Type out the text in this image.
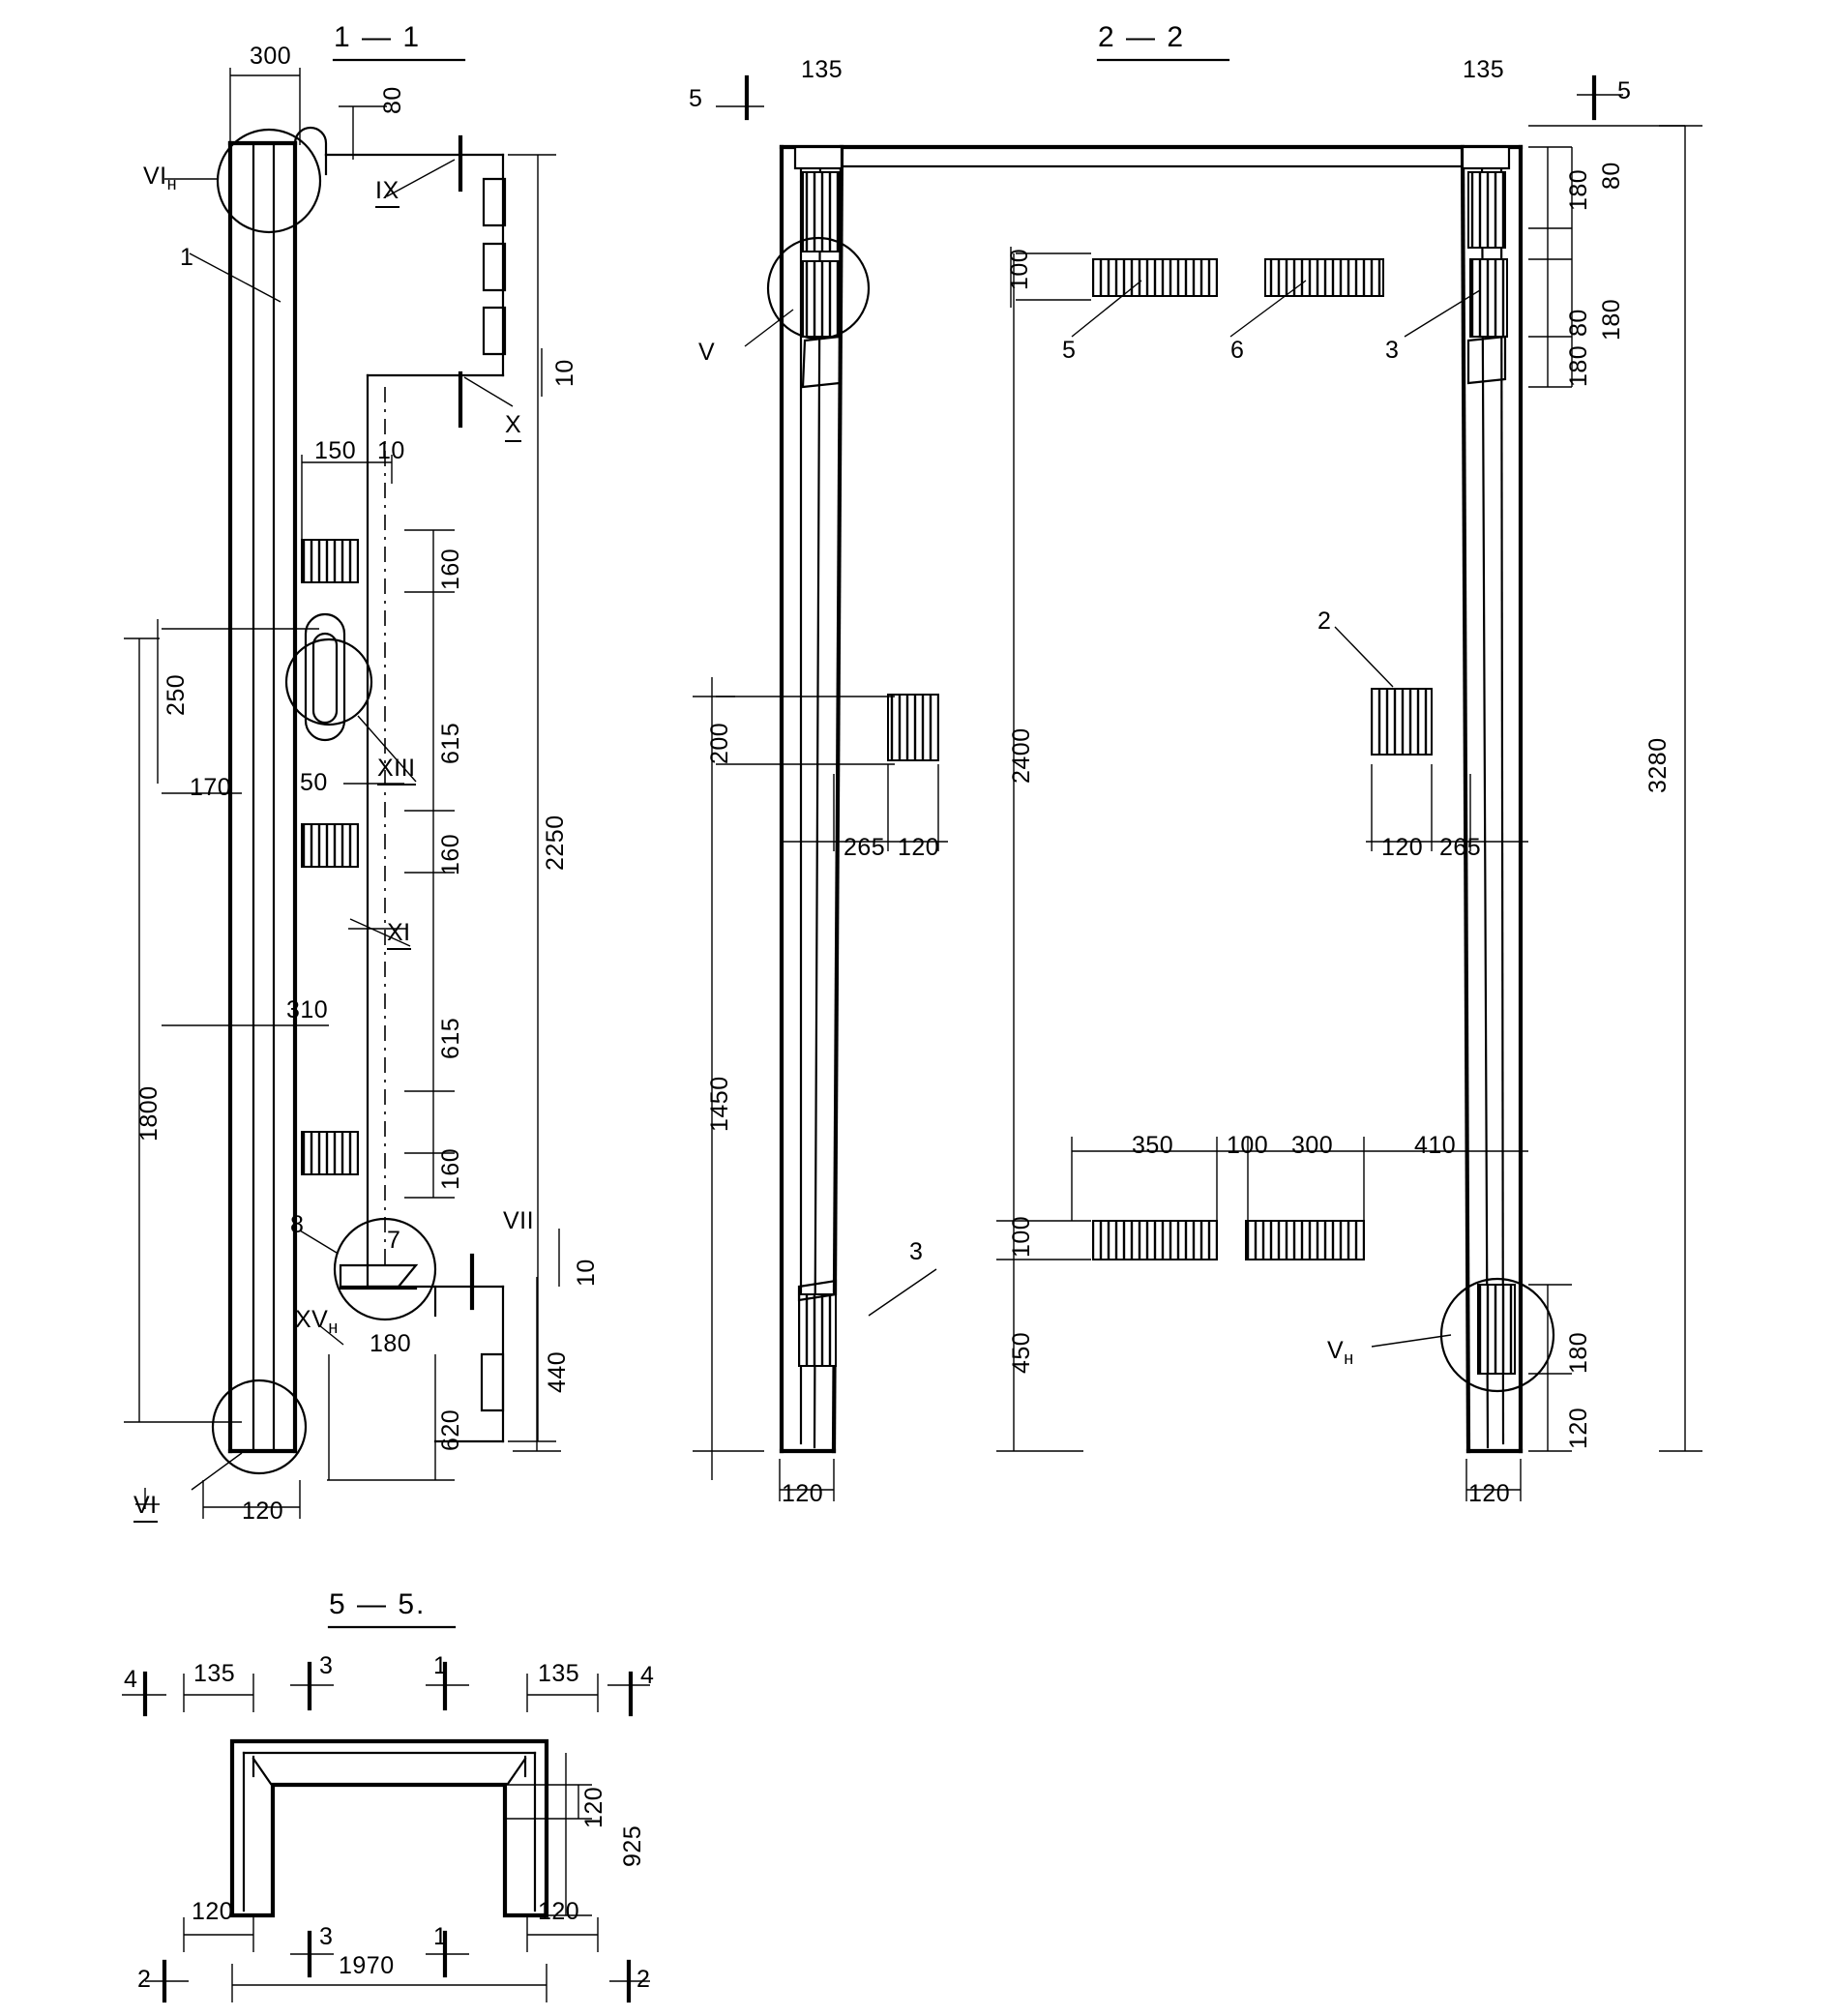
1 — 1
300
80
$VI_н$	IX
1
10
X
150 10
160
615
2250
250
170	50
XIII
160
XI
310
615
1800
160
VII
8
7
10
440
$XV_н$
180
620
VI	120
2 — 2
5
135	135
5
180 80
80 180
180
3280
100
5	6	3
V
200	2400
2
265 120	120 265
1450
350 100 300	410
100
3
450	$V_н$	180
120
120	120
5 — 5.
4 135	3	1	135	4
120
925
120
3	1
120
1970
2	2
